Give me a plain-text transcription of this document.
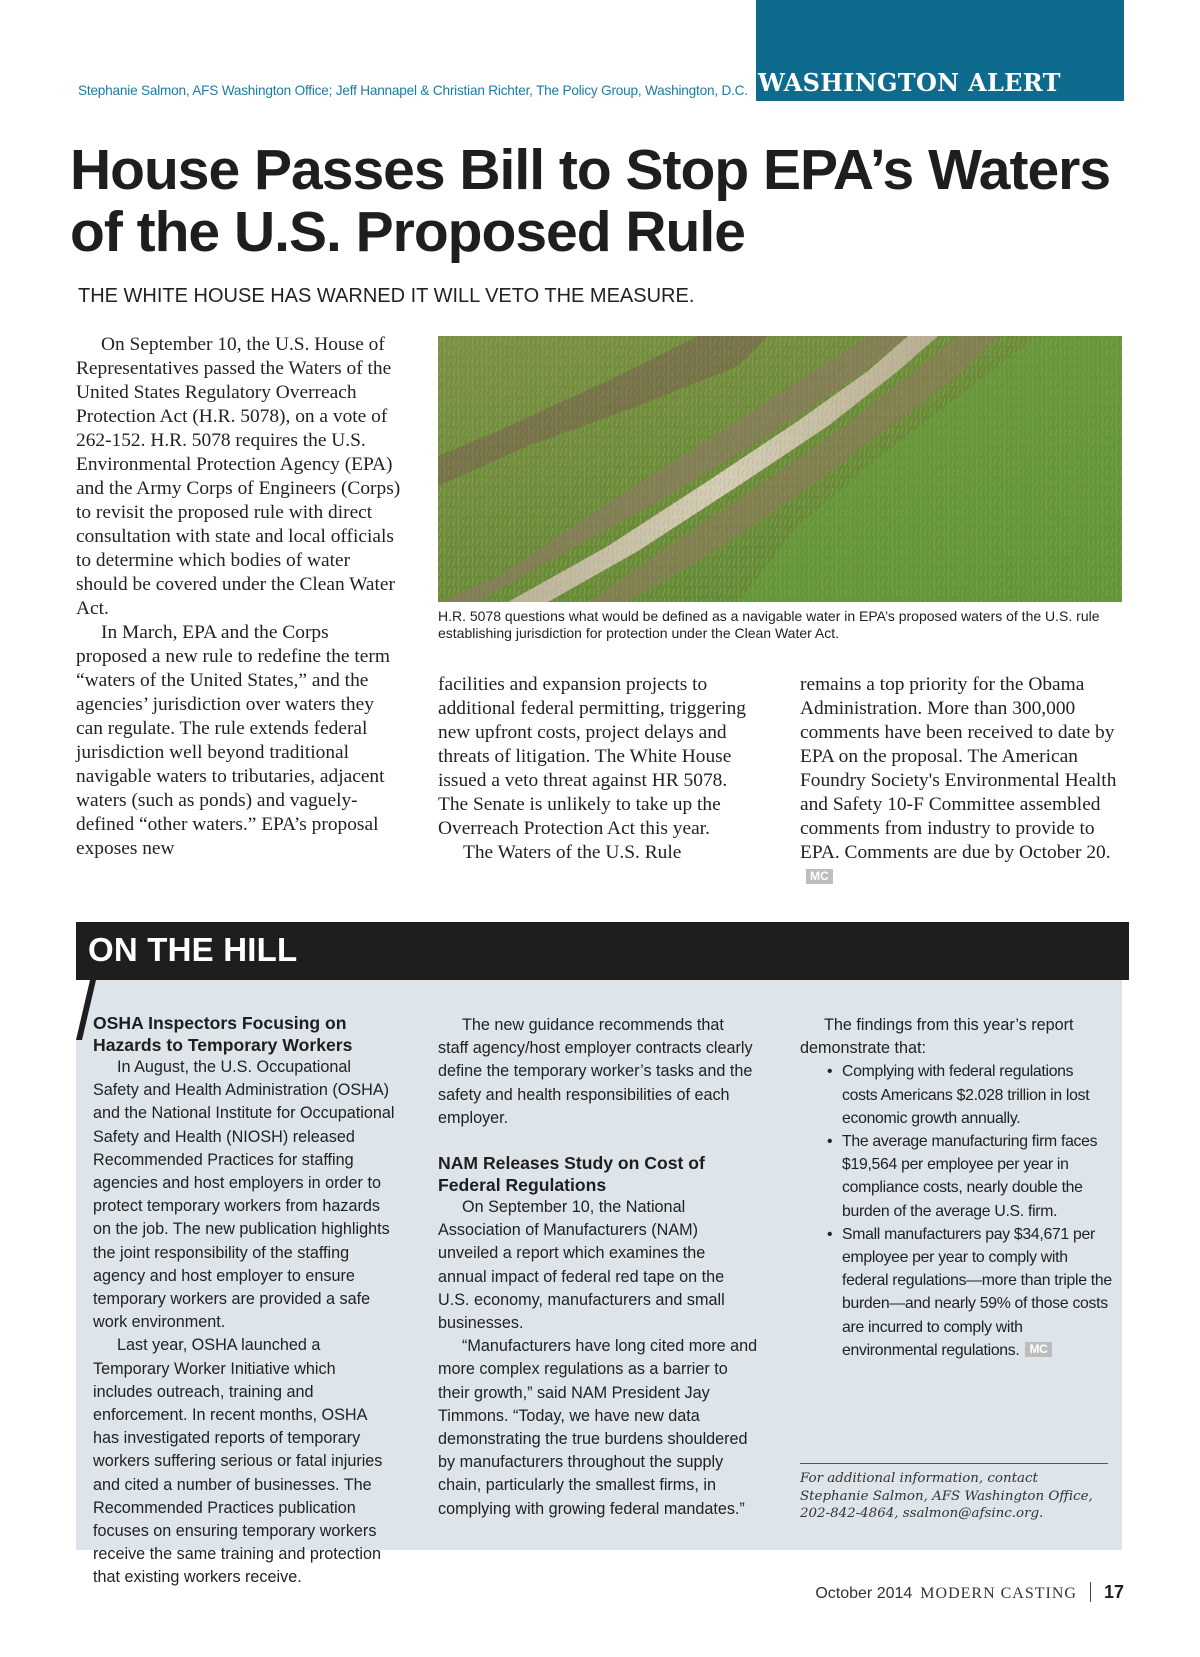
WASHINGTON ALERT
Stephanie Salmon, AFS Washington Office; Jeff Hannapel & Christian Richter, The Policy Group, Washington, D.C.
House Passes Bill to Stop EPA’s Waters of the U.S. Proposed Rule
THE WHITE HOUSE HAS WARNED IT WILL VETO THE MEASURE.

On September 10, the U.S. House of Representatives passed the Waters of the United States Regulatory Overreach Protection Act (H.R. 5078), on a vote of 262-152. H.R. 5078 requires the U.S. Environmental Protection Agency (EPA) and the Army Corps of Engineers (Corps) to revisit the proposed rule with direct consultation with state and local officials to determine which bodies of water should be covered under the Clean Water Act.

In March, EPA and the Corps proposed a new rule to redefine the term “waters of the United States,” and the agencies’ jurisdiction over waters they can regulate. The rule extends federal jurisdiction well beyond traditional navigable waters to tributaries, adjacent waters (such as ponds) and vaguely-defined “other waters.” EPA’s proposal exposes new

H.R. 5078 questions what would be defined as a navigable water in EPA’s proposed waters of the U.S. rule establishing jurisdiction for protection under the Clean Water Act.

facilities and expansion projects to additional federal permitting, triggering new upfront costs, project delays and threats of litigation. The White House issued a veto threat against HR 5078. The Senate is unlikely to take up the Overreach Protection Act this year.

The Waters of the U.S. Rule

remains a top priority for the Obama Administration. More than 300,000 comments have been received to date by EPA on the proposal. The American Foundry Society's Environmental Health and Safety 10-F Committee assembled comments from industry to provide to EPA. Comments are due by October 20.MC

ON THE HILL
OSHA Inspectors Focusing on Hazards to Temporary Workers

In August, the U.S. Occupational Safety and Health Administration (OSHA) and the National Institute for Occupational Safety and Health (NIOSH) released Recommended Practices for staffing agencies and host employers in order to protect temporary workers from hazards on the job. The new publication highlights the joint responsibility of the staffing agency and host employer to ensure temporary workers are provided a safe work environment.

Last year, OSHA launched a Temporary Worker Initiative which includes outreach, training and enforcement. In recent months, OSHA has investigated reports of temporary workers suffering serious or fatal injuries and cited a number of businesses. The Recommended Practices publication focuses on ensuring temporary workers receive the same training and protection that existing workers receive.

The new guidance recommends that staff agency/host employer contracts clearly define the temporary worker’s tasks and the safety and health responsibilities of each employer.

NAM Releases Study on Cost of Federal Regulations

On September 10, the National Association of Manufacturers (NAM) unveiled a report which examines the annual impact of federal red tape on the U.S. economy, manufacturers and small businesses.

“Manufacturers have long cited more and more complex regulations as a barrier to their growth,” said NAM President Jay Timmons. “Today, we have new data demonstrating the true burdens shouldered by manufacturers throughout the supply chain, particularly the smallest firms, in complying with growing federal mandates.”

The findings from this year’s report demonstrate that:

• Complying with federal regulations costs Americans $2.028 trillion in lost economic growth annually.
• The average manufacturing firm faces $19,564 per employee per year in compliance costs, nearly double the burden of the average U.S. firm.
• Small manufacturers pay $34,671 per employee per year to comply with federal regulations—more than triple the burden—and nearly 59% of those costs are incurred to comply with environmental regulations. MC
For additional information, contact Stephanie Salmon, AFS Washington Office, 202-842-4864, ssalmon@afsinc.org.
October 2014 MODERN CASTING 17
